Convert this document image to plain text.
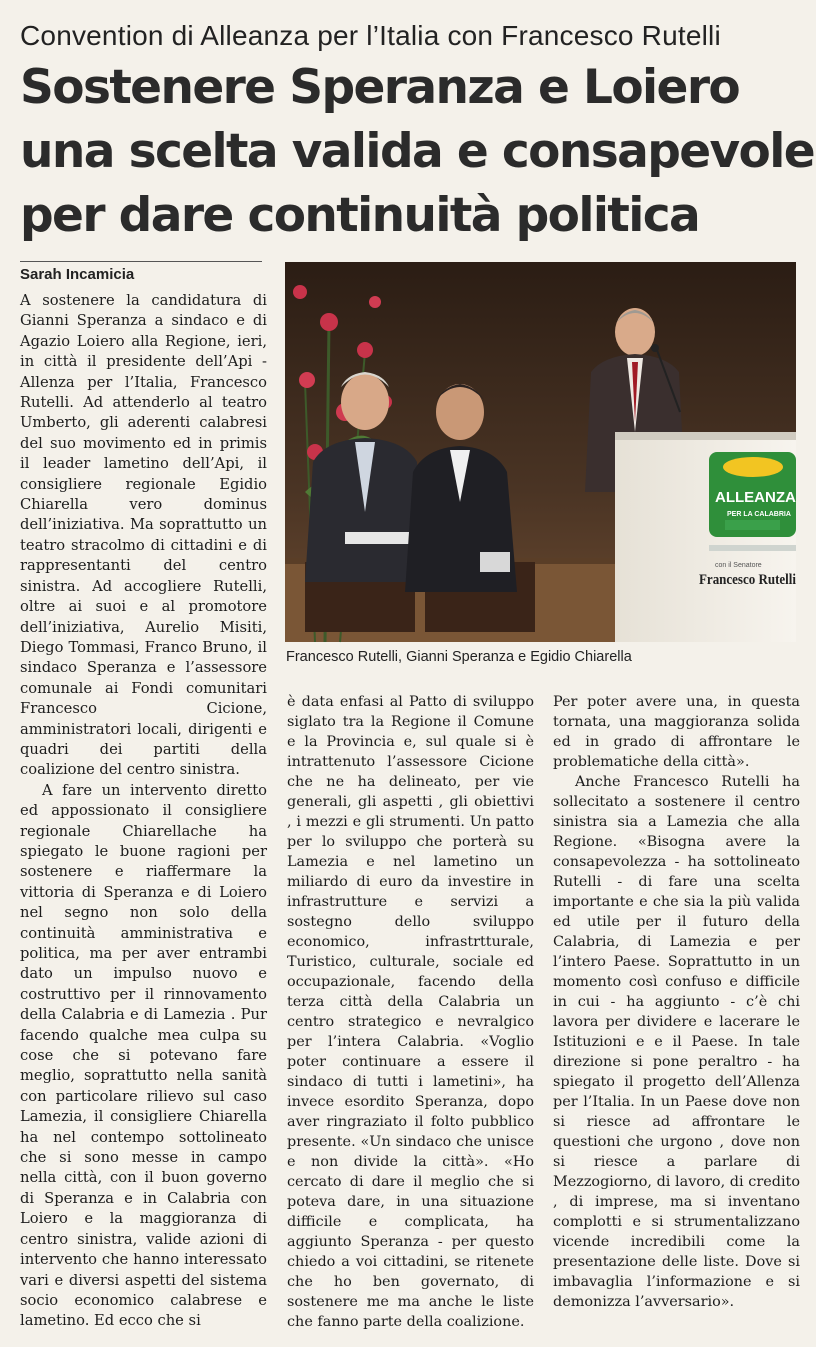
Convention di Alleanza per l’Italia con Francesco Rutelli
Sostenere Speranza e Loiero
una scelta valida e consapevole
per dare continuità politica
Sarah Incamicia

A sostenere la candidatura di Gianni Speranza a sindaco e di Agazio Loiero alla Regione, ieri, in città il presidente dell’Api - Allenza per l’Italia, Francesco Rutelli. Ad attenderlo al teatro Umberto, gli aderenti calabresi del suo movimento ed in primis il leader lametino dell’Api, il consigliere regionale Egidio Chiarella vero dominus dell’iniziativa. Ma soprattutto un teatro stracolmo di cittadini e di rappresentanti del centro sinistra. Ad accogliere Rutelli, oltre ai suoi e al promotore dell’iniziativa, Aurelio Misiti, Diego Tommasi, Franco Bruno, il sindaco Speranza e l’assessore comunale ai Fondi comunitari Francesco Cicione, amministratori locali, dirigenti e quadri dei partiti della coalizione del centro sinistra.

A fare un intervento diretto ed appossionato il consigliere regionale Chiarellache ha spiegato le buone ragioni per sostenere e riaffermare la vittoria di Speranza e di Loiero nel segno non solo della continuità amministrativa e politica, ma per aver entrambi dato un impulso nuovo e costruttivo per il rinnovamento della Calabria e di Lamezia . Pur facendo qualche mea culpa su cose che si potevano fare meglio, soprattutto nella sanità con particolare rilievo sul caso Lamezia, il consigliere Chiarella ha nel contempo sottolineato che si sono messe in campo nella città, con il buon governo di Speranza e in Calabria con Loiero e la maggioranza di centro sinistra, valide azioni di intervento che hanno interessato vari e diversi aspetti del sistema socio economico calabrese e lametino. Ed ecco che si

ALLEANZA
PER LA CALABRIA
con il Senatore
Francesco Rutelli
Francesco Rutelli, Gianni Speranza e Egidio Chiarella

è data enfasi al Patto di sviluppo siglato tra la Regione il Comune e la Provincia e, sul quale si è intrattenuto l’assessore Cicione che ne ha delineato, per vie generali, gli aspetti , gli obiettivi , i mezzi e gli strumenti. Un patto per lo sviluppo che porterà su Lamezia e nel lametino un miliardo di euro da investire in infrastrutture e servizi a sostegno dello sviluppo economico, infrastrtturale, Turistico, culturale, sociale ed occupazionale, facendo della terza città della Calabria un centro strategico e nevralgico per l’intera Calabria. «Voglio poter continuare a essere il sindaco di tutti i lametini», ha invece esordito Speranza, dopo aver ringraziato il folto pubblico presente. «Un sindaco che unisce e non divide la città». «Ho cercato di dare il meglio che si poteva dare, in una situazione difficile e complicata, ha aggiunto Speranza - per questo chiedo a voi cittadini, se ritenete che ho ben governato, di sostenere me ma anche le liste che fanno parte della coalizione.

Per poter avere una, in questa tornata, una maggioranza solida ed in grado di affrontare le problematiche della città».

Anche Francesco Rutelli ha sollecitato a sostenere il centro sinistra sia a Lamezia che alla Regione. «Bisogna avere la consapevolezza - ha sottolineato Rutelli - di fare una scelta importante e che sia la più valida ed utile per il futuro della Calabria, di Lamezia e per l’intero Paese. Soprattutto in un momento così confuso e difficile in cui - ha aggiunto - c’è chi lavora per dividere e lacerare le Istituzioni e e il Paese. In tale direzione si pone peraltro - ha spiegato il progetto dell’Allenza per l’Italia. In un Paese dove non si riesce ad affrontare le questioni che urgono , dove non si riesce a parlare di Mezzogiorno, di lavoro, di credito , di imprese, ma si inventano complotti e si strumentalizzano vicende incredibili come la presentazione delle liste. Dove si imbavaglia l’informazione e si demonizza l’avversario».
